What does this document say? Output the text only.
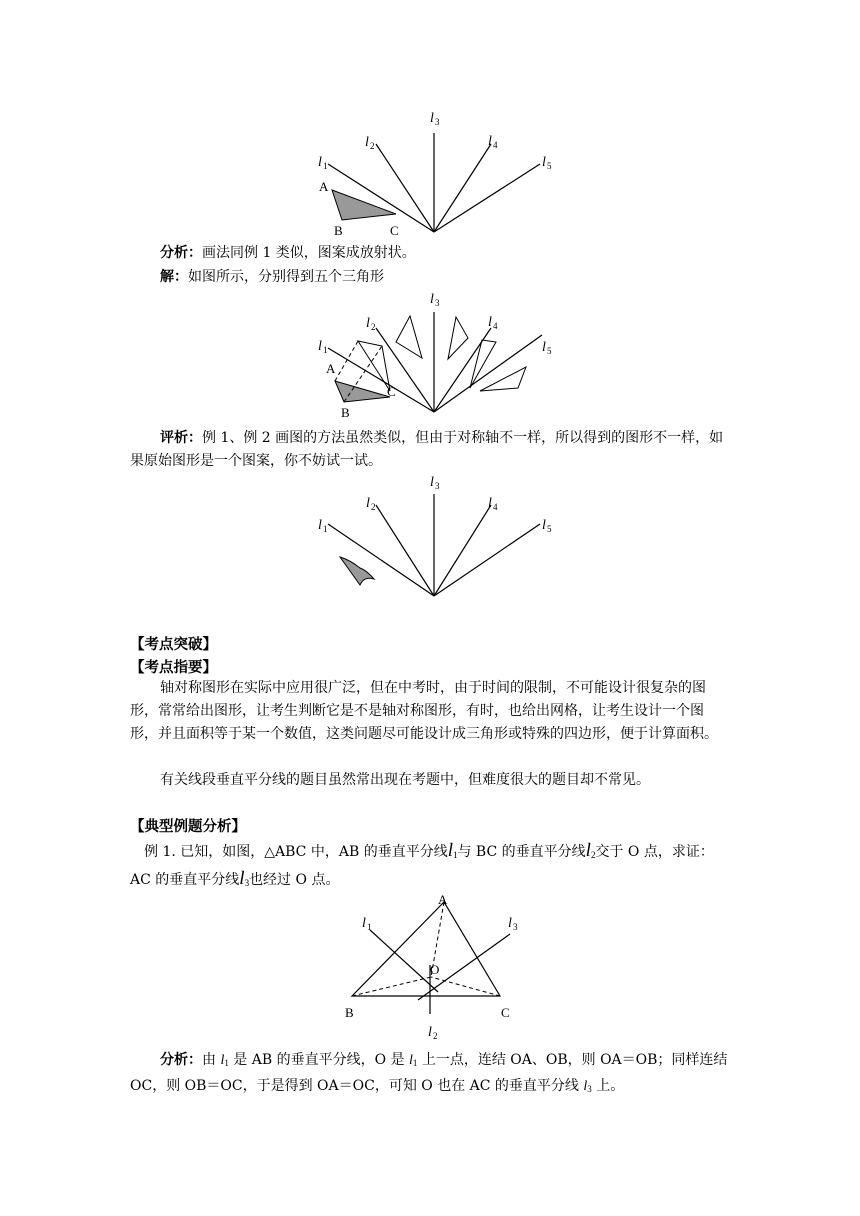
l 3
l 2	l 4
l 1	l 5
A
B	C
分析：画法同例 1 类似，图案成放射状。
解：如图所示，分别得到五个三角形
l 3
l 2	l 4
l 1	l 5
A
B
C
评析：例 1、例 2 画图的方法虽然类似，但由于对称轴不一样，所以得到的图形不一样，如果原始图形是一个图案，你不妨试一试。
l 3
l 2	l 4
l 1	l 5
【考点突破】
【考点指要】
轴对称图形在实际中应用很广泛，但在中考时，由于时间的限制，不可能设计很复杂的图形，常常给出图形，让考生判断它是不是轴对称图形，有时，也给出网格，让考生设计一个图形，并且面积等于某一个数值，这类问题尽可能设计成三角形或特殊的四边形，便于计算面积。
有关线段垂直平分线的题目虽然常出现在考题中，但难度很大的题目却不常见。
【典型例题分析】
例 1. 已知，如图，△ABC 中，AB 的垂直平分线l1与 BC 的垂直平分线l2交于 O 点，求证：AC 的垂直平分线l3也经过 O 点。
A
B	C
O
l 1	l 3
l 2
分析：由 l1 是 AB 的垂直平分线，O 是 l1 上一点，连结 OA、OB，则 OA＝OB；同样连结 OC，则 OB＝OC，于是得到 OA＝OC，可知 O 也在 AC 的垂直平分线 l3 上。
